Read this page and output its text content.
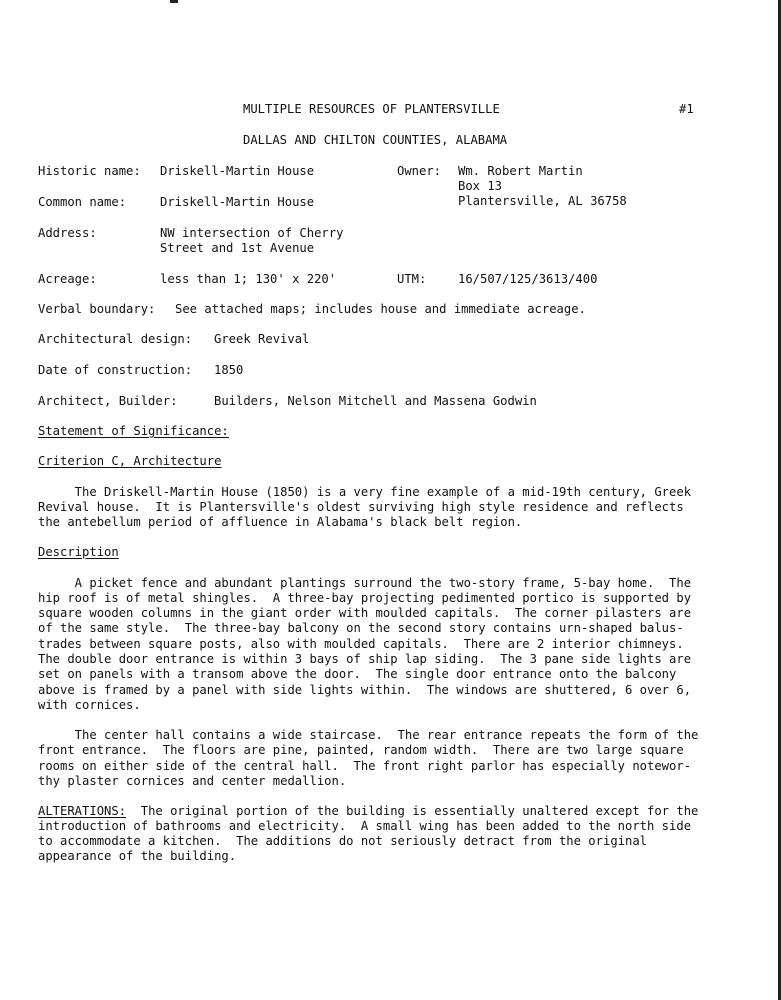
MULTIPLE RESOURCES OF PLANTERSVILLE	#1
DALLAS AND CHILTON COUNTIES, ALABAMA
Historic name: Driskell-Martin House	Owner: Wm. Robert Martin
Box 13
Plantersville, AL 36758
Common name:	Driskell-Martin House
Address:	NW intersection of Cherry
Street and 1st Avenue
Acreage:	less than 1; 130' x 220'	UTM:	16/507/125/3613/400
Verbal boundary: See attached maps; includes house and immediate acreage.
Architectural design: Greek Revival
Date of construction: 1850
Architect, Builder:	Builders, Nelson Mitchell and Massena Godwin
Statement of Significance:
Criterion C, Architecture
The Driskell-Martin House (1850) is a very fine example of a mid-19th century, Greek
Revival house.  It is Plantersville's oldest surviving high style residence and reflects
the antebellum period of affluence in Alabama's black belt region.
Description
A picket fence and abundant plantings surround the two-story frame, 5-bay home.  The
hip roof is of metal shingles.  A three-bay projecting pedimented portico is supported by
square wooden columns in the giant order with moulded capitals.  The corner pilasters are
of the same style.  The three-bay balcony on the second story contains urn-shaped balus-
trades between square posts, also with moulded capitals.  There are 2 interior chimneys.
The double door entrance is within 3 bays of ship lap siding.  The 3 pane side lights are
set on panels with a transom above the door.  The single door entrance onto the balcony
above is framed by a panel with side lights within.  The windows are shuttered, 6 over 6,
with cornices.
The center hall contains a wide staircase.  The rear entrance repeats the form of the
front entrance.  The floors are pine, painted, random width.  There are two large square
rooms on either side of the central hall.  The front right parlor has especially notewor-
thy plaster cornices and center medallion.
ALTERATIONS:  The original portion of the building is essentially unaltered except for the
introduction of bathrooms and electricity.  A small wing has been added to the north side
to accommodate a kitchen.  The additions do not seriously detract from the original
appearance of the building.
